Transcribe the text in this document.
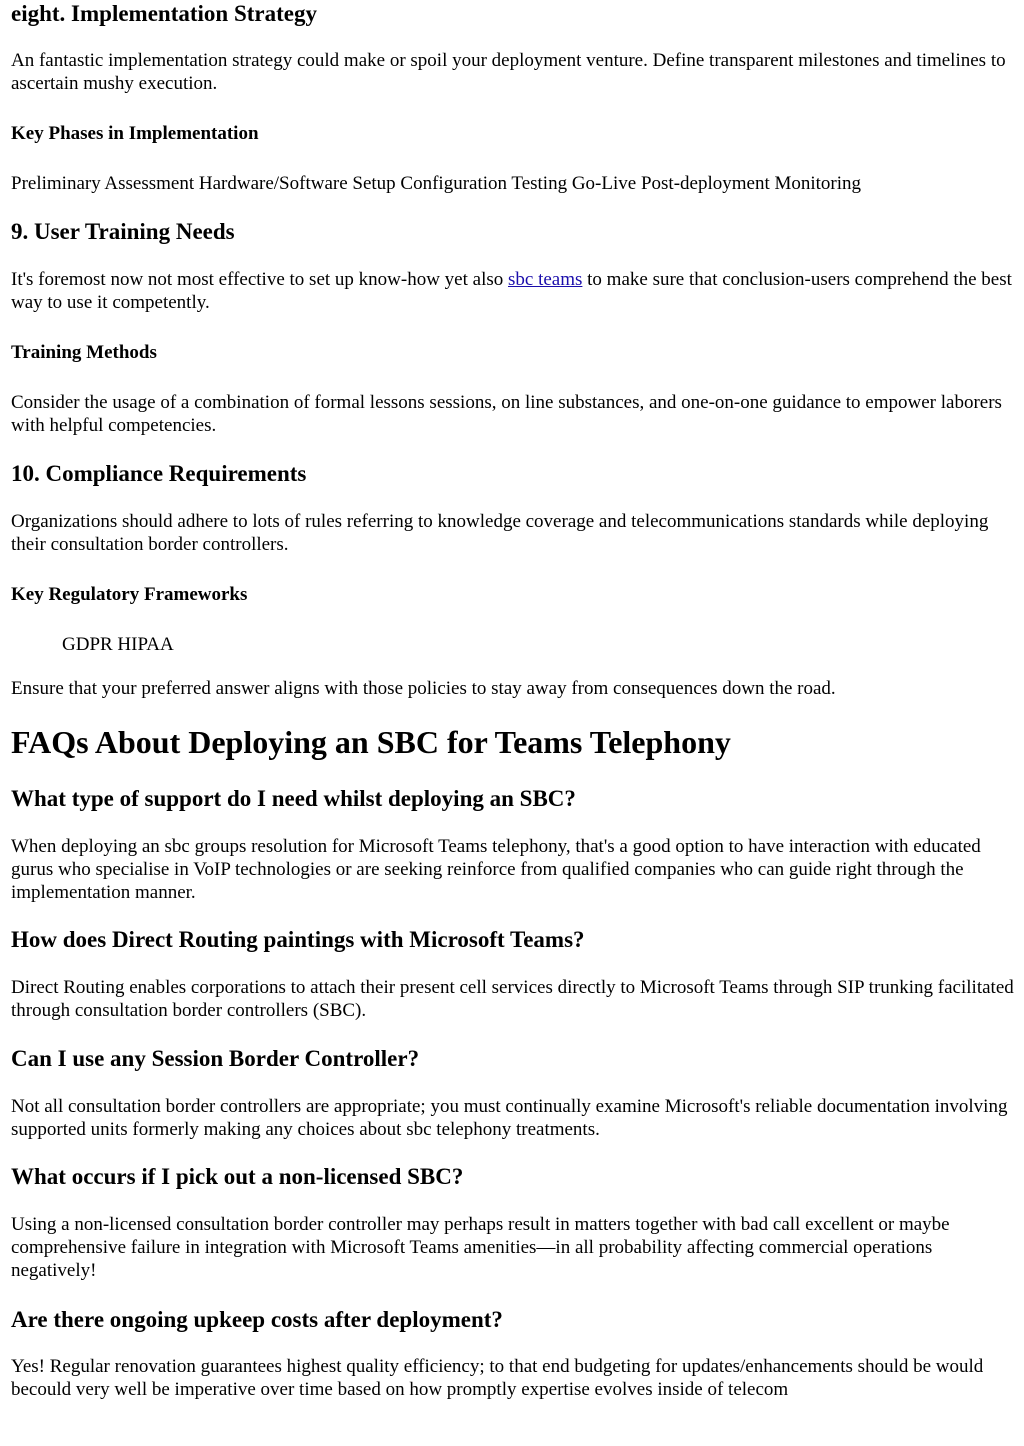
eight. Implementation Strategy

An fantastic implementation strategy could make or spoil your deployment venture. Define transparent milestones and timelines to ascertain mushy execution.

Key Phases in Implementation

Preliminary Assessment Hardware/Software Setup Configuration Testing Go-Live Post-deployment Monitoring

9. User Training Needs

It's foremost now not most effective to set up know-how yet also sbc teams to make sure that conclusion-users comprehend the best way to use it competently.

Training Methods

Consider the usage of a combination of formal lessons sessions, on line substances, and one-on-one guidance to empower laborers with helpful competencies.

10. Compliance Requirements

Organizations should adhere to lots of rules referring to knowledge coverage and telecommunications standards while deploying their consultation border controllers.

Key Regulatory Frameworks

GDPR HIPAA

Ensure that your preferred answer aligns with those policies to stay away from consequences down the road.

FAQs About Deploying an SBC for Teams Telephony
What type of support do I need whilst deploying an SBC?

When deploying an sbc groups resolution for Microsoft Teams telephony, that's a good option to have interaction with educated gurus who specialise in VoIP technologies or are seeking reinforce from qualified companies who can guide right through the implementation manner.

How does Direct Routing paintings with Microsoft Teams?

Direct Routing enables corporations to attach their present cell services directly to Microsoft Teams through SIP trunking facilitated through consultation border controllers (SBC).

Can I use any Session Border Controller?

Not all consultation border controllers are appropriate; you must continually examine Microsoft's reliable documentation involving supported units formerly making any choices about sbc telephony treatments.

What occurs if I pick out a non-licensed SBC?

Using a non-licensed consultation border controller may perhaps result in matters together with bad call excellent or maybe comprehensive failure in integration with Microsoft Teams amenities—in all probability affecting commercial operations negatively!

Are there ongoing upkeep costs after deployment?

Yes! Regular renovation guarantees highest quality efficiency; to that end budgeting for updates/enhancements should be would becould very well be imperative over time based on how promptly expertise evolves inside of telecom
